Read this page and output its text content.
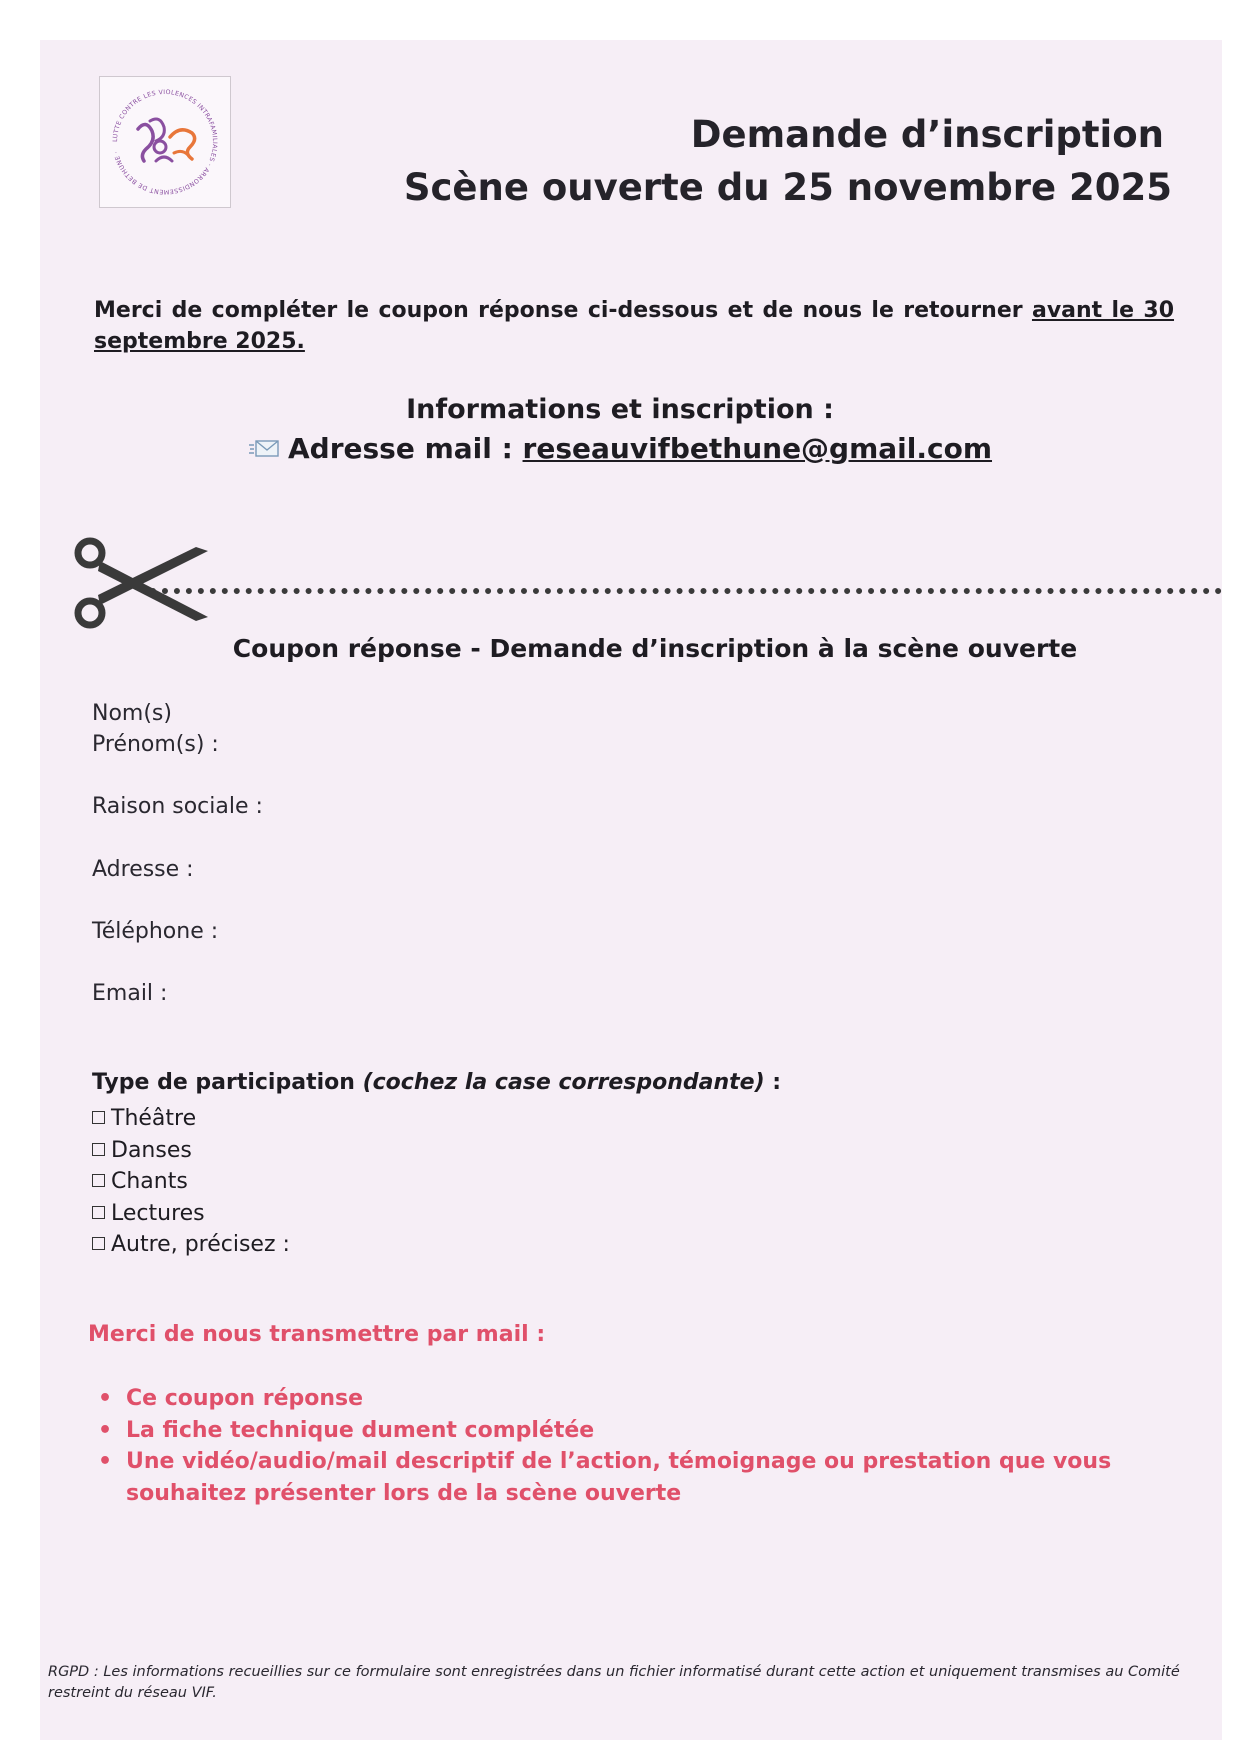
LUTTE CONTRE LES VIOLENCES INTRAFAMILIALES · ARRONDISSEMENT DE BETHUNE ·	Demande d’inscription
Scène ouverte du 25 novembre 2025
Merci de compléter le coupon réponse ci-dessous et de nous le retourner avant le 30 septembre 2025.
Informations et inscription :
Adresse mail : reseauvifbethune@gmail.com
Coupon réponse - Demande d’inscription à la scène ouverte
Nom(s)
Prénom(s) :
Raison sociale :
Adresse :
Téléphone :
Email :
Type de participation (cochez la case correspondante) :
Théâtre
Danses
Chants
Lectures
Autre, précisez :
Merci de nous transmettre par mail :
• Ce coupon réponse
• La fiche technique dument complétée
• Une vidéo/audio/mail descriptif de l’action, témoignage ou prestation que vous souhaitez présenter lors de la scène ouverte
RGPD : Les informations recueillies sur ce formulaire sont enregistrées dans un fichier informatisé durant cette action et uniquement transmises au Comité restreint du réseau VIF.
